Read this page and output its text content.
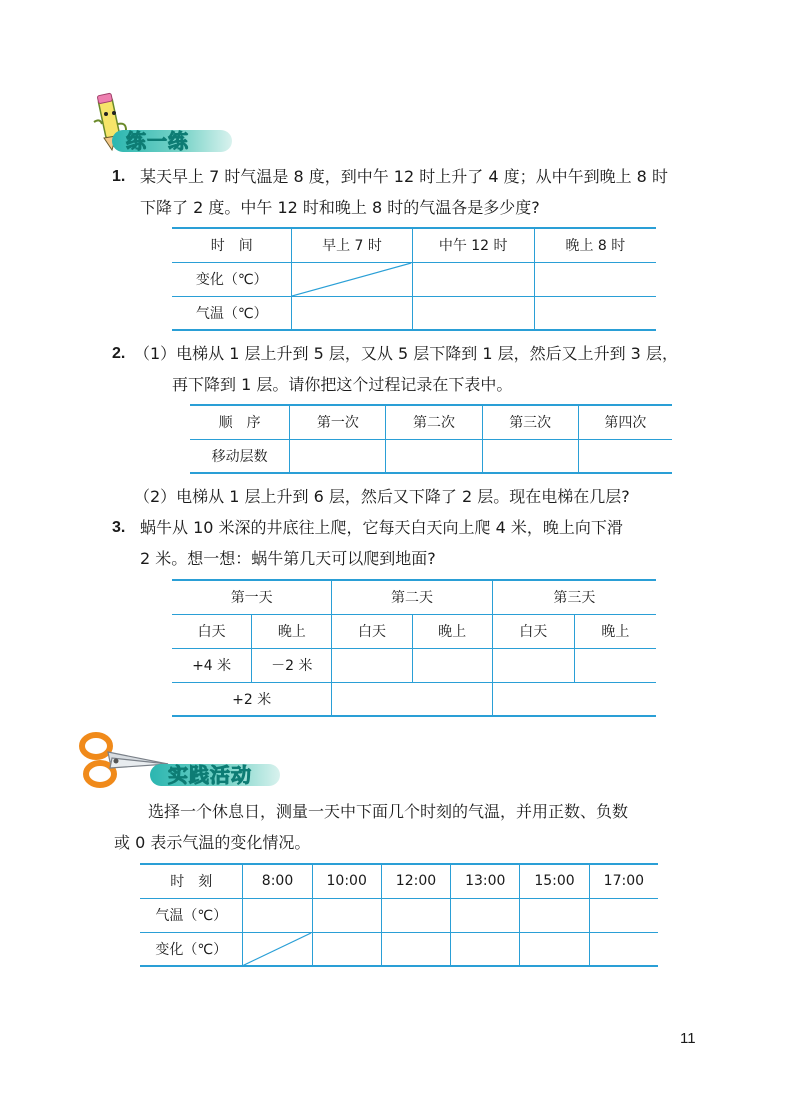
练一练
1. 某天早上 7 时气温是 8 度，到中午 12 时上升了 4 度；从中午到晚上 8 时
下降了 2 度。中午 12 时和晚上 8 时的气温各是多少度?
时　间	早上 7 时	中午 12 时	晚上 8 时
变化（℃）	

气温（℃）			
2. （1）电梯从 1 层上升到 5 层，又从 5 层下降到 1 层，然后又上升到 3 层，
再下降到 1 层。请你把这个过程记录在下表中。
顺　序	第一次	第二次	第三次	第四次
移动层数				
（2）电梯从 1 层上升到 6 层，然后又下降了 2 层。现在电梯在几层?
3. 蜗牛从 10 米深的井底往上爬，它每天白天向上爬 4 米，晚上向下滑
2 米。想一想：蜗牛第几天可以爬到地面?
第一天		第二天		第三天	
白天	晚上	白天	晚上	白天	晚上
+4 米	－2 米				
+2 米					
实践活动
选择一个休息日，测量一天中下面几个时刻的气温，并用正数、负数
或 0 表示气温的变化情况。
时　刻	8:00	10:00	12:00	13:00	15:00	17:00
气温（℃）						
变化（℃）	

11
